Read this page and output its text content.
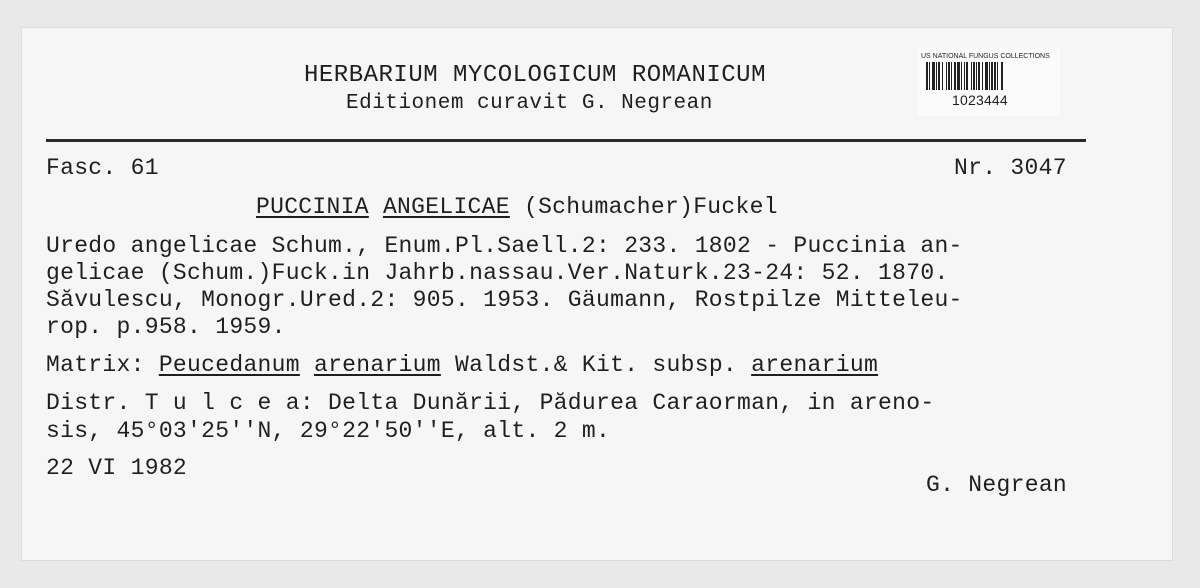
HERBARIUM MYCOLOGICUM ROMANICUM
Editionem curavit G. Negrean
US NATIONAL FUNGUS COLLECTIONS
1023444
Fasc. 61	Nr. 3047
PUCCINIA ANGELICAE (Schumacher)Fuckel
Uredo angelicae Schum., Enum.Pl.Saell.2: 233. 1802 - Puccinia an-
gelicae (Schum.)Fuck.in Jahrb.nassau.Ver.Naturk.23-24: 52. 1870.
Săvulescu, Monogr.Ured.2: 905. 1953. Gäumann, Rostpilze Mitteleu-
rop. p.958. 1959.
Matrix: Peucedanum arenarium Waldst.& Kit. subsp. arenarium
Distr. T u l c e a: Delta Dunării, Pădurea Caraorman, in areno-
sis, 45°03'25''N, 29°22'50''E, alt. 2 m.
22 VI 1982
G. Negrean
